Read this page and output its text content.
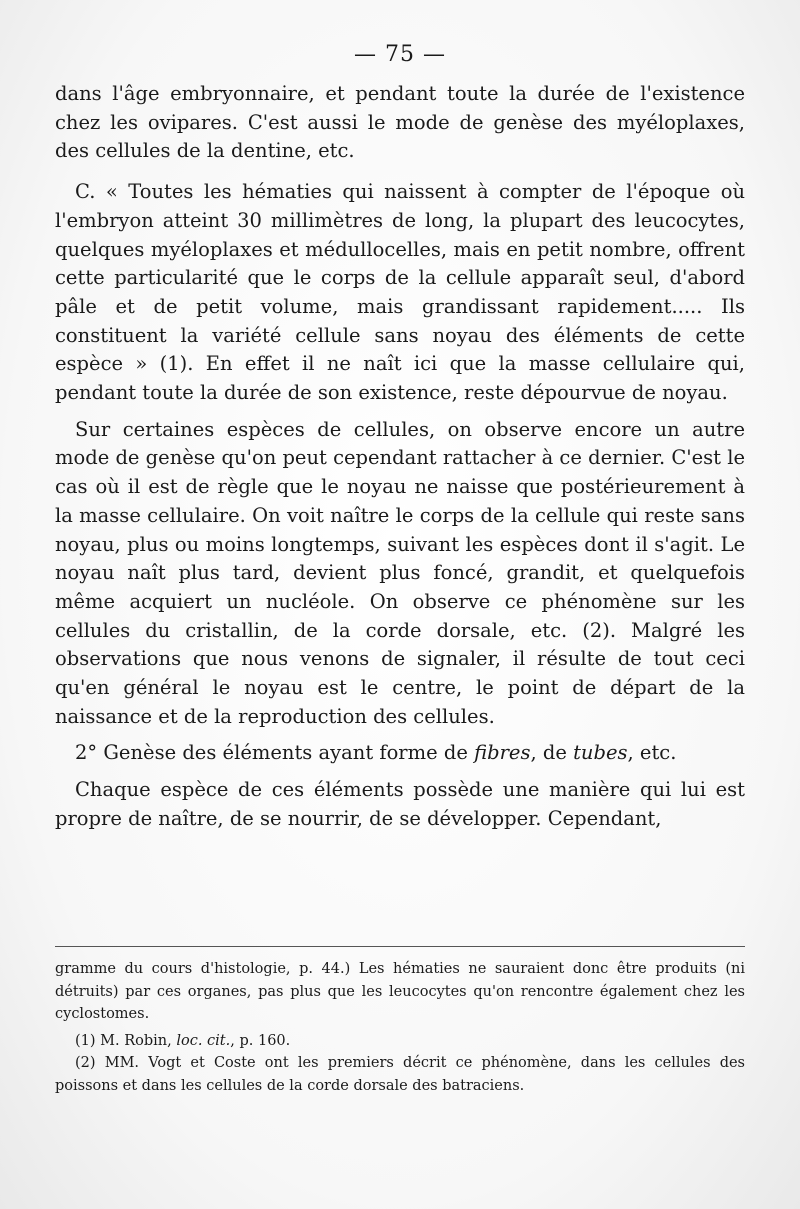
— 75 —

dans l'âge embryonnaire, et pendant toute la durée de l'existence chez les ovipares. C'est aussi le mode de genèse des myéloplaxes, des cellules de la dentine, etc.

C. « Toutes les hématies qui naissent à compter de l'époque où l'embryon atteint 30 millimètres de long, la plupart des leucocytes, quelques myéloplaxes et médullocelles, mais en petit nombre, offrent cette particularité que le corps de la cellule apparaît seul, d'abord pâle et de petit volume, mais grandissant rapidement..... Ils constituent la variété cellule sans noyau des éléments de cette espèce » (1). En effet il ne naît ici que la masse cellulaire qui, pendant toute la durée de son existence, reste dépourvue de noyau.

Sur certaines espèces de cellules, on observe encore un autre mode de genèse qu'on peut cependant rattacher à ce dernier. C'est le cas où il est de règle que le noyau ne naisse que postérieurement à la masse cellulaire. On voit naître le corps de la cellule qui reste sans noyau, plus ou moins longtemps, suivant les espèces dont il s'agit. Le noyau naît plus tard, devient plus foncé, grandit, et quelquefois même acquiert un nucléole. On observe ce phénomène sur les cellules du cristallin, de la corde dorsale, etc. (2). Malgré les observations que nous venons de signaler, il résulte de tout ceci qu'en général le noyau est le centre, le point de départ de la naissance et de la reproduction des cellules.

2° Genèse des éléments ayant forme de fibres, de tubes, etc.

Chaque espèce de ces éléments possède une manière qui lui est propre de naître, de se nourrir, de se développer. Cependant,

gramme du cours d'histologie, p. 44.) Les hématies ne sauraient donc être produits (ni détruits) par ces organes, pas plus que les leucocytes qu'on rencontre également chez les cyclostomes.

(1) M. Robin, loc. cit., p. 160.

(2) MM. Vogt et Coste ont les premiers décrit ce phénomène, dans les cellules des poissons et dans les cellules de la corde dorsale des batraciens.
